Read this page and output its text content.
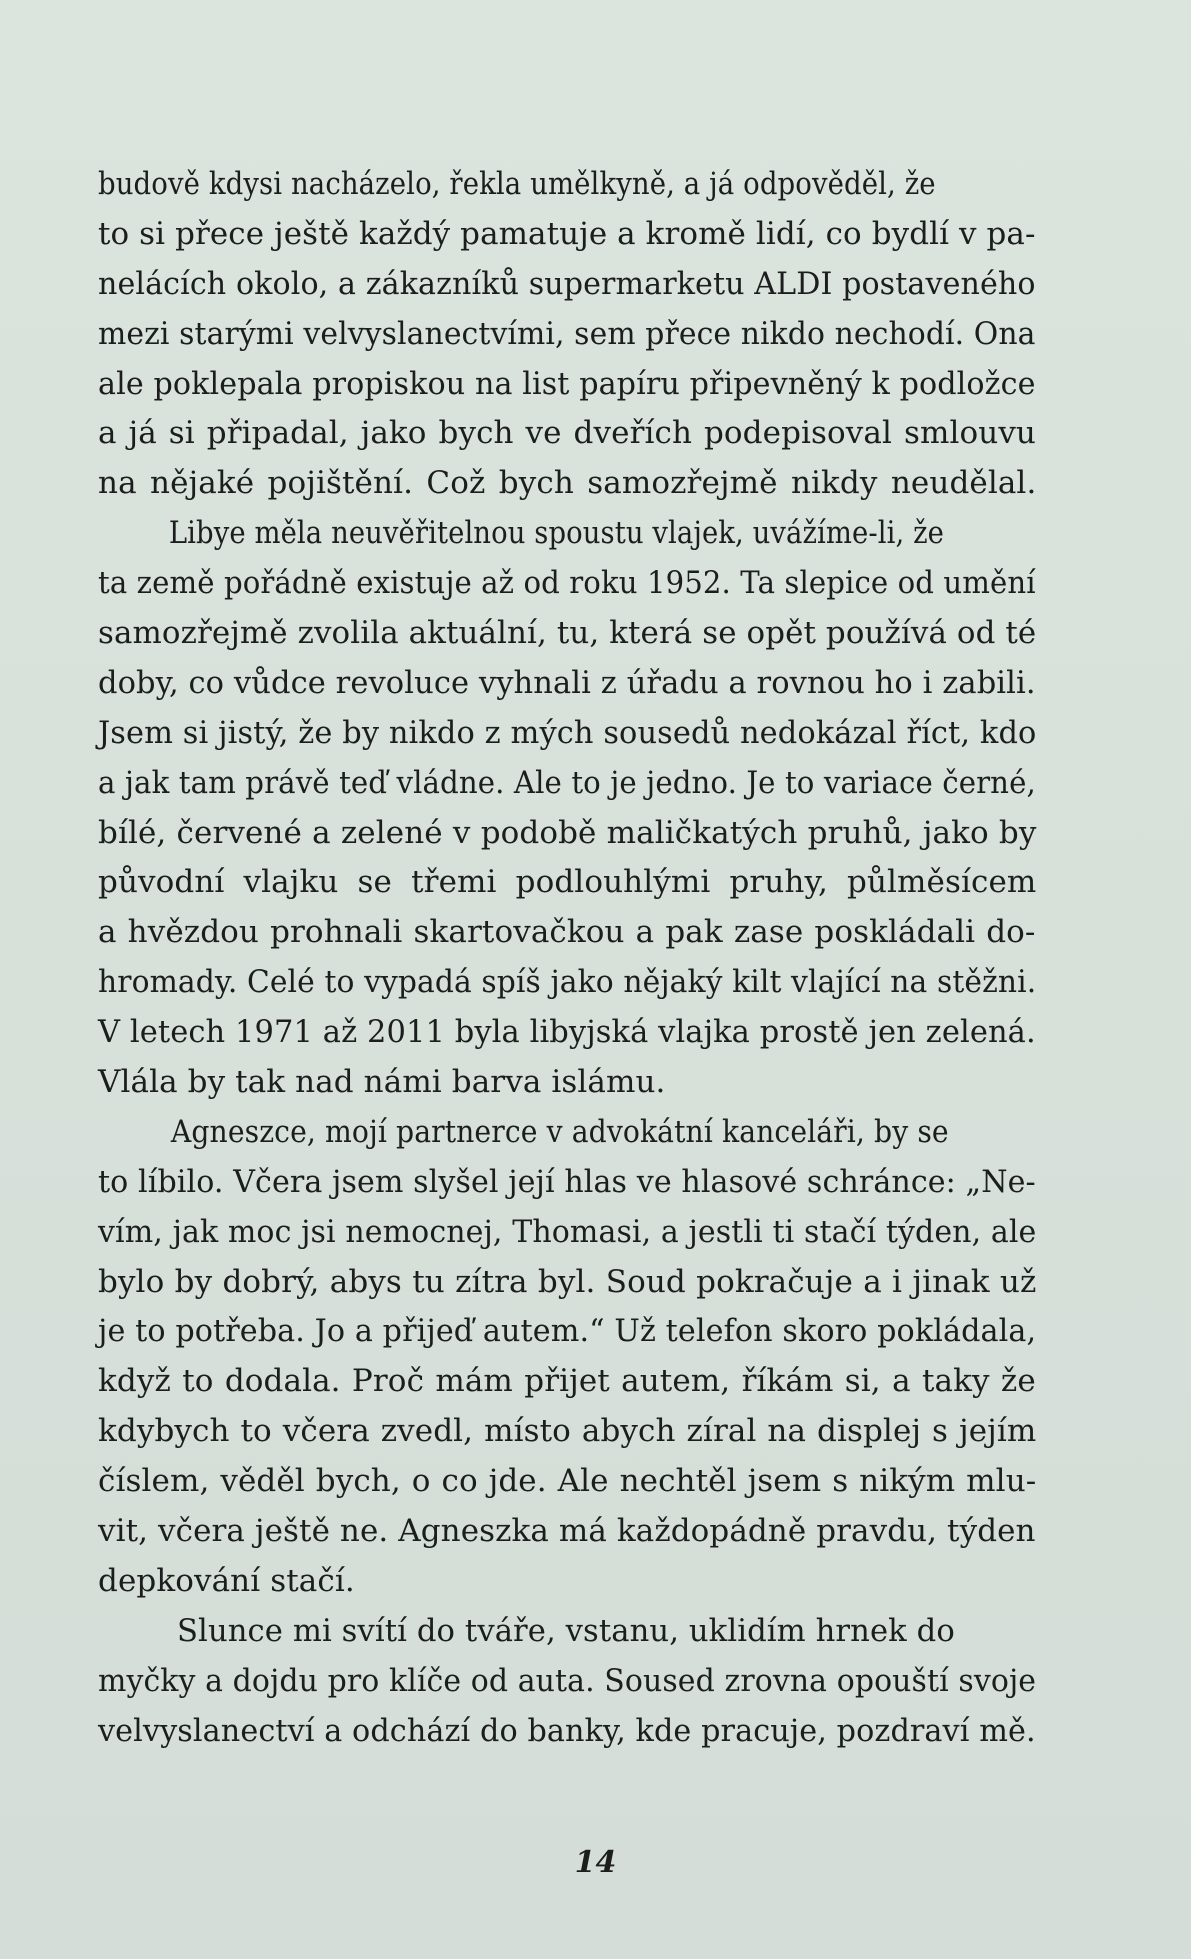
budově kdysi nacházelo, řekla umělkyně, a já odpověděl, že
to si přece ještě každý pamatuje a kromě lidí, co bydlí v pa-
nelácích okolo, a zákazníků supermarketu ALDI postaveného
mezi starými velvyslanectvími, sem přece nikdo nechodí. Ona
ale poklepala propiskou na list papíru připevněný k podložce
a já si připadal, jako bych ve dveřích podepisoval smlouvu
na nějaké pojištění. Což bych samozřejmě nikdy neudělal.
Libye měla neuvěřitelnou spoustu vlajek, uvážíme-li, že
ta země pořádně existuje až od roku 1952. Ta slepice od umění
samozřejmě zvolila aktuální, tu, která se opět používá od té
doby, co vůdce revoluce vyhnali z úřadu a rovnou ho i zabili.
Jsem si jistý, že by nikdo z mých sousedů nedokázal říct, kdo
a jak tam právě teď vládne. Ale to je jedno. Je to variace černé,
bílé, červené a zelené v podobě maličkatých pruhů, jako by
původní vlajku se třemi podlouhlými pruhy, půlměsícem
a hvězdou prohnali skartovačkou a pak zase poskládali do-
hromady. Celé to vypadá spíš jako nějaký kilt vlající na stěžni.
V letech 1971 až 2011 byla libyjská vlajka prostě jen zelená.
Vlála by tak nad námi barva islámu.
Agneszce, mojí partnerce v advokátní kanceláři, by se
to líbilo. Včera jsem slyšel její hlas ve hlasové schránce: „Ne-
vím, jak moc jsi nemocnej, Thomasi, a jestli ti stačí týden, ale
bylo by dobrý, abys tu zítra byl. Soud pokračuje a i jinak už
je to potřeba. Jo a přijeď autem.“ Už telefon skoro pokládala,
když to dodala. Proč mám přijet autem, říkám si, a taky že
kdybych to včera zvedl, místo abych zíral na displej s jejím
číslem, věděl bych, o co jde. Ale nechtěl jsem s nikým mlu-
vit, včera ještě ne. Agneszka má každopádně pravdu, týden
depkování stačí.
Slunce mi svítí do tváře, vstanu, uklidím hrnek do
myčky a dojdu pro klíče od auta. Soused zrovna opouští svoje
velvyslanectví a odchází do banky, kde pracuje, pozdraví mě.
14
